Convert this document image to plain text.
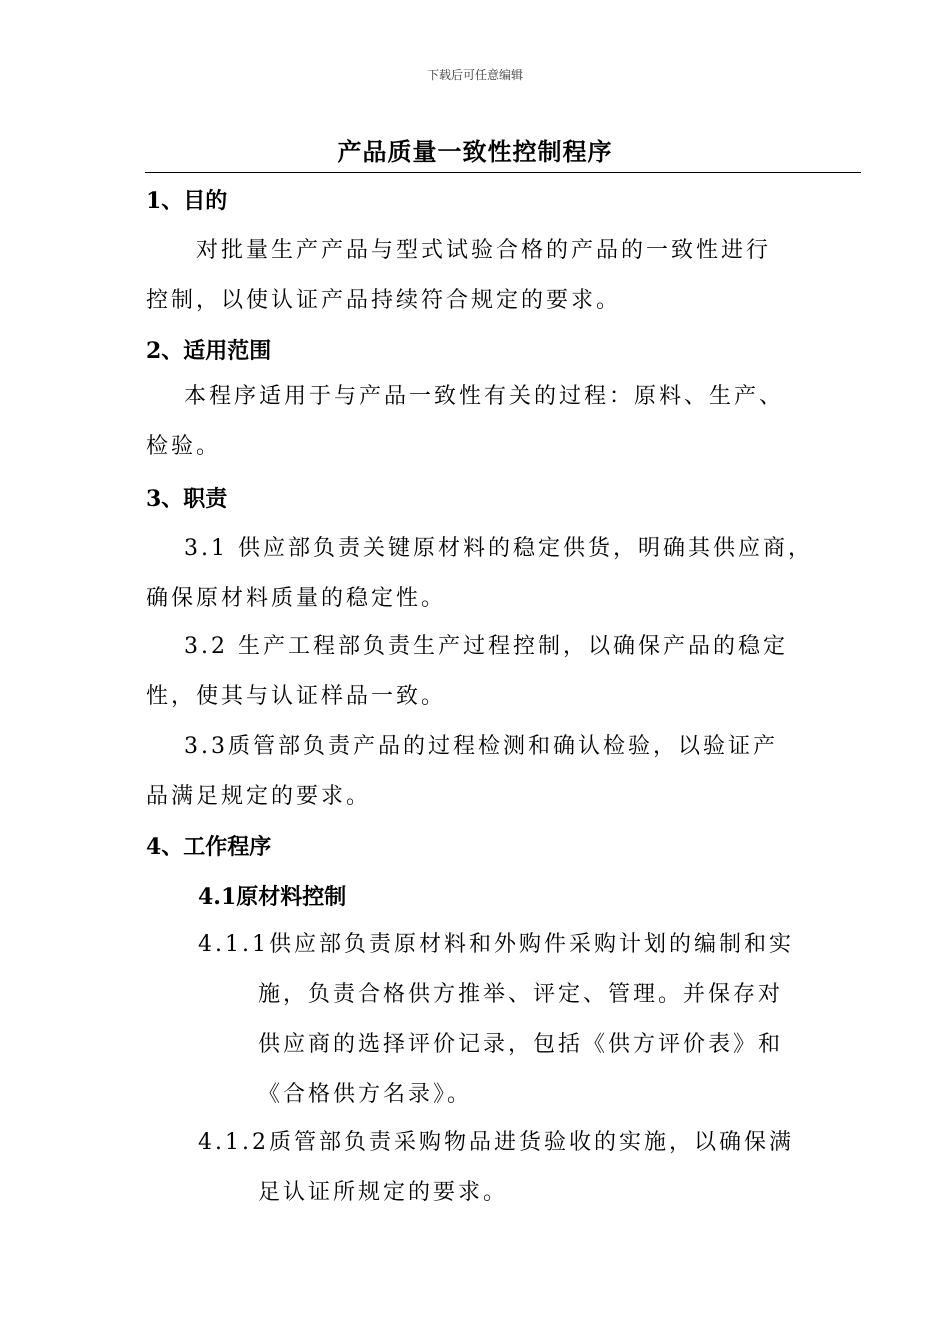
下载后可任意编辑
产品质量一致性控制程序
1、目的
对批量生产产品与型式试验合格的产品的一致性进行
控制，以使认证产品持续符合规定的要求。
2、适用范围
本程序适用于与产品一致性有关的过程：原料、生产、
检验。
3、职责
3.1 供应部负责关键原材料的稳定供货，明确其供应商，
确保原材料质量的稳定性。
3.2 生产工程部负责生产过程控制，以确保产品的稳定
性，使其与认证样品一致。
3.3质管部负责产品的过程检测和确认检验，以验证产
品满足规定的要求。
4、工作程序
4.1原材料控制
4.1.1供应部负责原材料和外购件采购计划的编制和实
施，负责合格供方推举、评定、管理。并保存对
供应商的选择评价记录，包括《供方评价表》和
《合格供方名录》。
4.1.2质管部负责采购物品进货验收的实施，以确保满
足认证所规定的要求。
